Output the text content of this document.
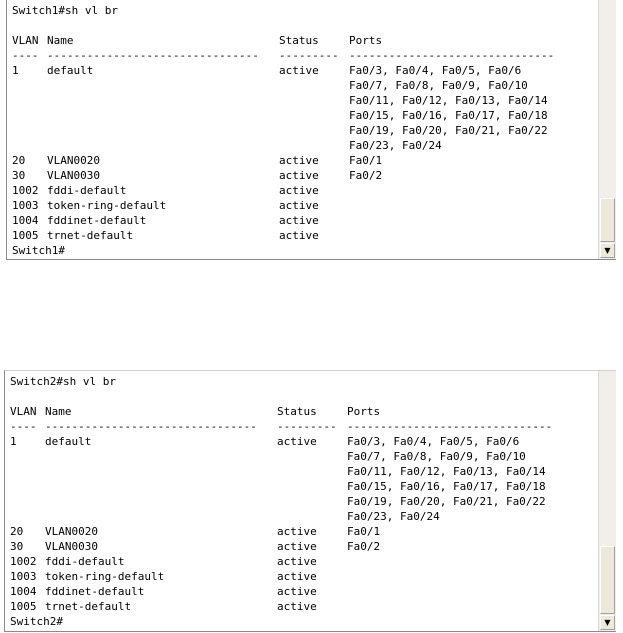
Switch1#sh vl br
VLAN Name	Status	Ports
---- -------------------------------- --------- -------------------------------
1	default	active	Fa0/3, Fa0/4, Fa0/5, Fa0/6
Fa0/7, Fa0/8, Fa0/9, Fa0/10
Fa0/11, Fa0/12, Fa0/13, Fa0/14
Fa0/15, Fa0/16, Fa0/17, Fa0/18
Fa0/19, Fa0/20, Fa0/21, Fa0/22
Fa0/23, Fa0/24
20 VLAN0020	active	Fa0/1
30 VLAN0030	active	Fa0/2
1002 fddi-default	active
1003 token-ring-default	active
1004 fddinet-default	active
1005 trnet-default	active
Switch1#	▼
Switch2#sh vl br
VLAN Name	Status	Ports
---- -------------------------------- --------- -------------------------------
1	default	active	Fa0/3, Fa0/4, Fa0/5, Fa0/6
Fa0/7, Fa0/8, Fa0/9, Fa0/10
Fa0/11, Fa0/12, Fa0/13, Fa0/14
Fa0/15, Fa0/16, Fa0/17, Fa0/18
Fa0/19, Fa0/20, Fa0/21, Fa0/22
Fa0/23, Fa0/24
20 VLAN0020	active	Fa0/1
30 VLAN0030	active	Fa0/2
1002 fddi-default	active
1003 token-ring-default	active
1004 fddinet-default	active
1005 trnet-default	active
Switch2#	▼
